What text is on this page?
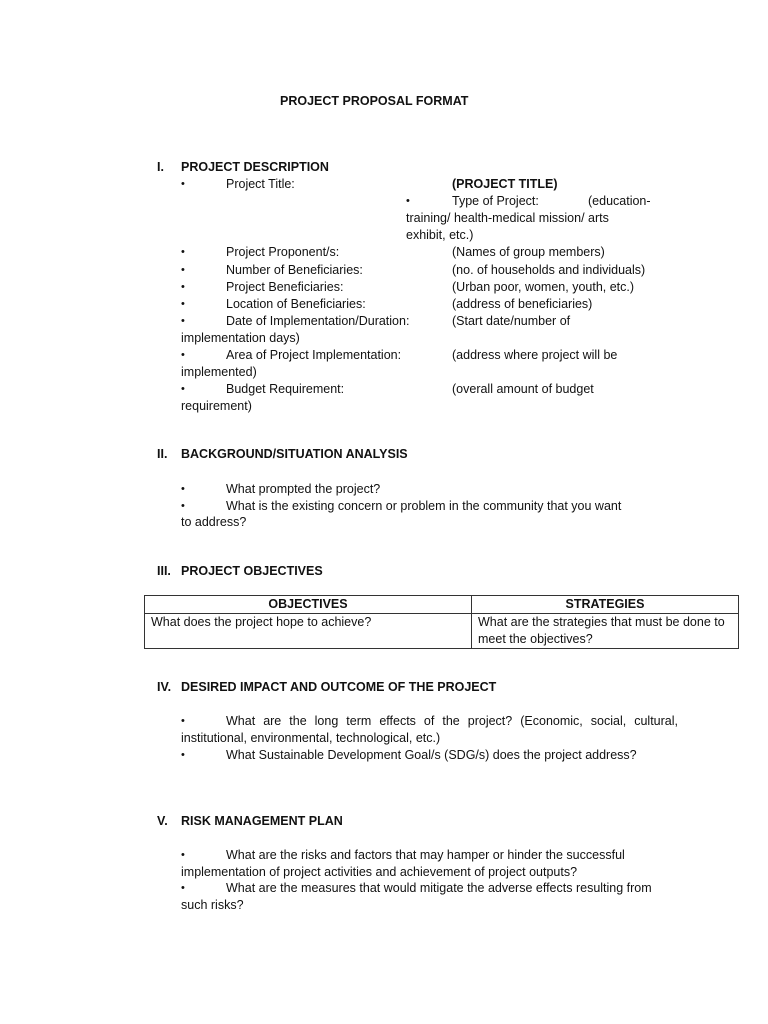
PROJECT PROPOSAL FORMAT
I. PROJECT DESCRIPTION
•	Project Title:	(PROJECT TITLE)
•	Type of Project:	(education-
training/ health-medical mission/ arts
exhibit, etc.)
•	Project Proponent/s:	(Names of group members)
•	Number of Beneficiaries:	(no. of households and individuals)
•	Project Beneficiaries:	(Urban poor, women, youth, etc.)
•	Location of Beneficiaries:	(address of beneficiaries)
•	Date of Implementation/Duration:	(Start date/number of
implementation days)
•	Area of Project Implementation:	(address where project will be
implemented)
•	Budget Requirement:	(overall amount of budget
requirement)
II. BACKGROUND/SITUATION ANALYSIS
•	What prompted the project?
•	What is the existing concern or problem in the community that you want
to address?
III. PROJECT OBJECTIVES
OBJECTIVES	STRATEGIES
What does the project hope to achieve?	What are the strategies that must be done to meet the objectives?
IV. DESIRED IMPACT AND OUTCOME OF THE PROJECT
•	What are the long term effects of the project? (Economic, social, cultural, institutional, environmental, technological, etc.)
•	What Sustainable Development Goal/s (SDG/s) does the project address?
V. RISK MANAGEMENT PLAN
•	What are the risks and factors that may hamper or hinder the successful implementation of project activities and achievement of project outputs?
•	What are the measures that would mitigate the adverse effects resulting from such risks?
